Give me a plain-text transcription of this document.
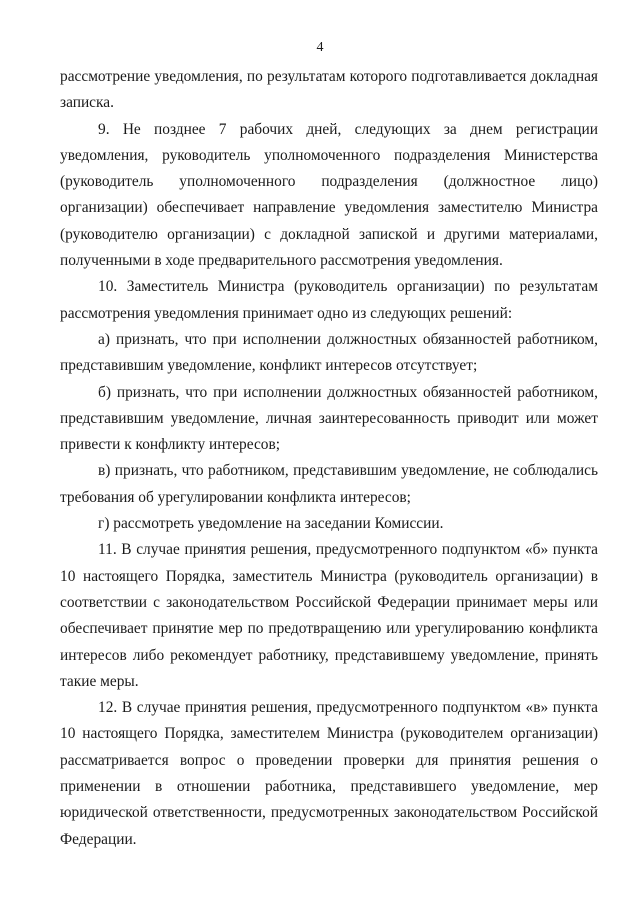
4

рассмотрение уведомления, по результатам которого подготавливается докладная записка.

9. Не позднее 7 рабочих дней, следующих за днем регистрации уведомления, руководитель уполномоченного подразделения Министерства (руководитель уполномоченного подразделения (должностное лицо) организации) обеспечивает направление уведомления заместителю Министра (руководителю организации) с докладной запиской и другими материалами, полученными в ходе предварительного рассмотрения уведомления.

10. Заместитель Министра (руководитель организации) по результатам рассмотрения уведомления принимает одно из следующих решений:

а) признать, что при исполнении должностных обязанностей работником, представившим уведомление, конфликт интересов отсутствует;

б) признать, что при исполнении должностных обязанностей работником, представившим уведомление, личная заинтересованность приводит или может привести к конфликту интересов;

в) признать, что работником, представившим уведомление, не соблюдались требования об урегулировании конфликта интересов;

г) рассмотреть уведомление на заседании Комиссии.

11. В случае принятия решения, предусмотренного подпунктом «б» пункта 10 настоящего Порядка, заместитель Министра (руководитель организации) в соответствии с законодательством Российской Федерации принимает меры или обеспечивает принятие мер по предотвращению или урегулированию конфликта интересов либо рекомендует работнику, представившему уведомление, принять такие меры.

12. В случае принятия решения, предусмотренного подпунктом «в» пункта 10 настоящего Порядка, заместителем Министра (руководителем организации) рассматривается вопрос о проведении проверки для принятия решения о применении в отношении работника, представившего уведомление, мер юридической ответственности, предусмотренных законодательством Российской Федерации.
